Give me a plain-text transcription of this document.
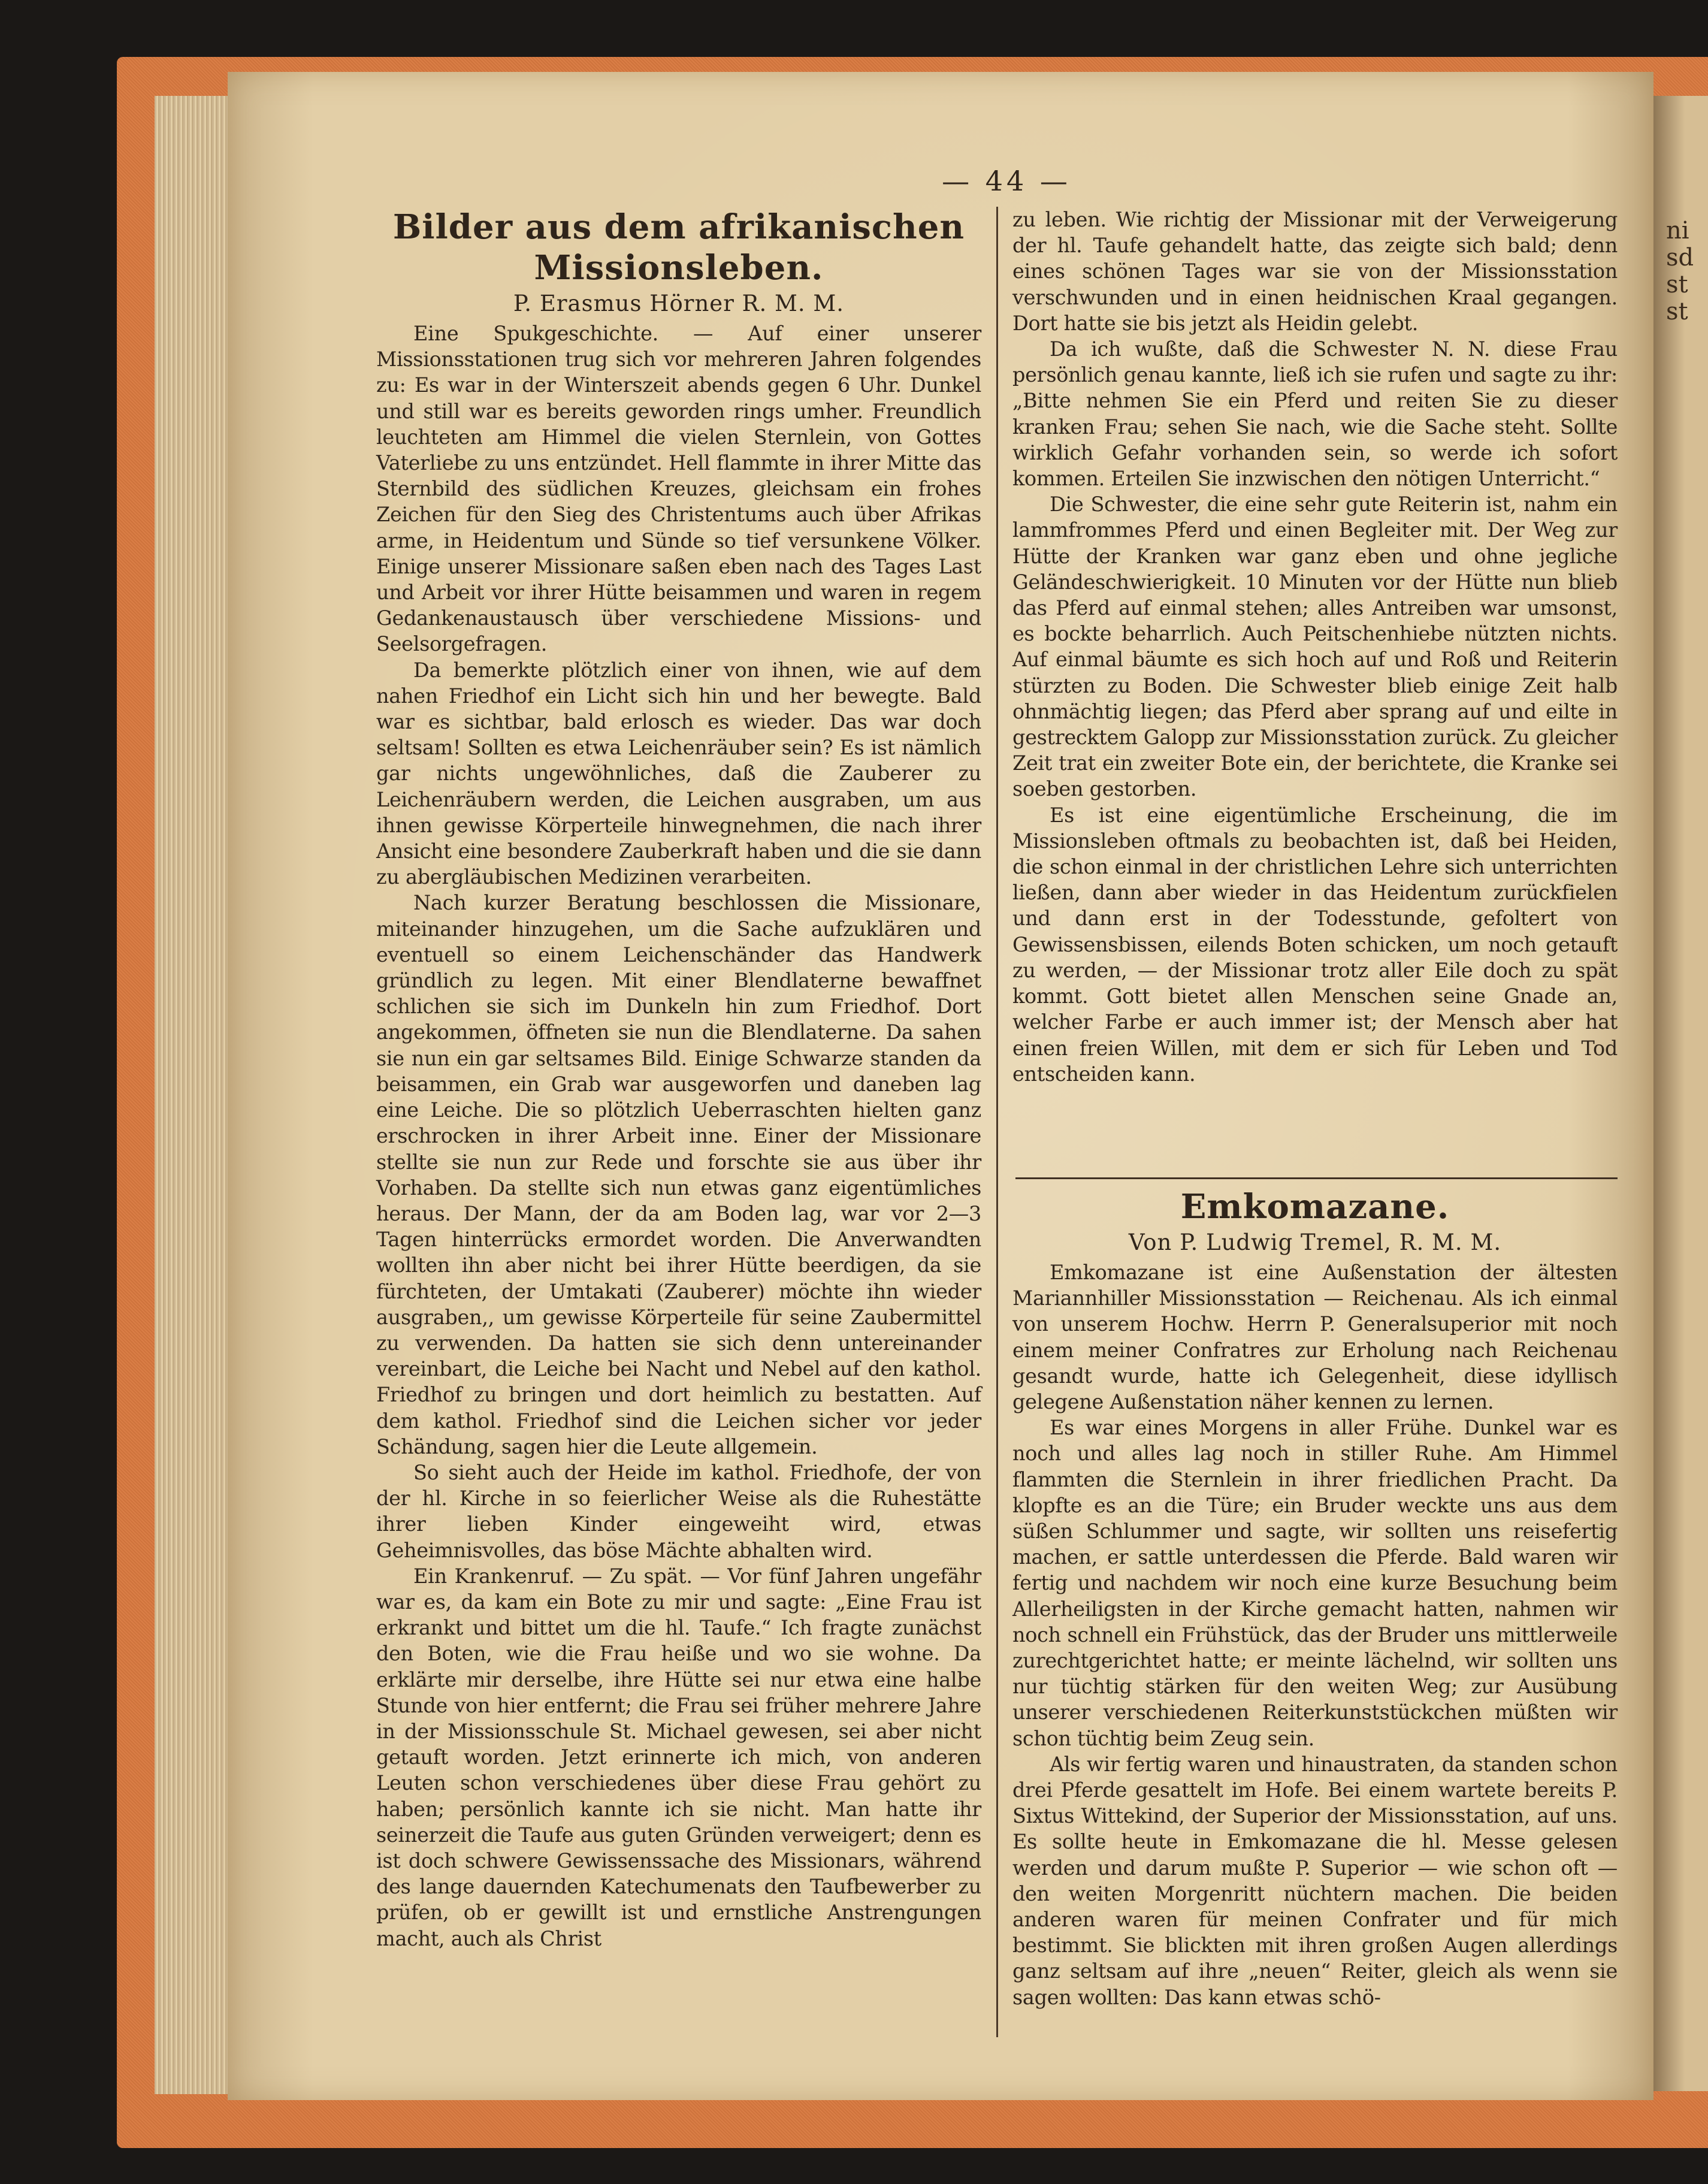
ni
sd
st
st
— 44 —
Bilder aus dem afrikanischen Missionsleben.

P. Erasmus Hörner R. M. M.

Eine Spukgeschichte. — Auf einer unserer Missionsstationen trug sich vor mehreren Jahren folgendes zu: Es war in der Winterszeit abends gegen 6 Uhr. Dunkel und still war es bereits geworden rings umher. Freundlich leuchteten am Himmel die vielen Sternlein, von Gottes Vaterliebe zu uns entzündet. Hell flammte in ihrer Mitte das Sternbild des südlichen Kreuzes, gleichsam ein frohes Zeichen für den Sieg des Christentums auch über Afrikas arme, in Heidentum und Sünde so tief versunkene Völker. Einige unserer Missionare saßen eben nach des Tages Last und Arbeit vor ihrer Hütte beisammen und waren in regem Gedankenaustausch über verschiedene Missions- und Seelsorgefragen.

Da bemerkte plötzlich einer von ihnen, wie auf dem nahen Friedhof ein Licht sich hin und her bewegte. Bald war es sichtbar, bald erlosch es wieder. Das war doch seltsam! Sollten es etwa Leichenräuber sein? Es ist nämlich gar nichts ungewöhnliches, daß die Zauberer zu Leichenräubern werden, die Leichen ausgraben, um aus ihnen gewisse Körperteile hinwegnehmen, die nach ihrer Ansicht eine besondere Zauberkraft haben und die sie dann zu abergläubischen Medizinen verarbeiten.

Nach kurzer Beratung beschlossen die Missionare, miteinander hinzugehen, um die Sache aufzuklären und eventuell so einem Leichenschänder das Handwerk gründlich zu legen. Mit einer Blendlaterne bewaffnet schlichen sie sich im Dunkeln hin zum Friedhof. Dort angekommen, öffneten sie nun die Blendlaterne. Da sahen sie nun ein gar seltsames Bild. Einige Schwarze standen da beisammen, ein Grab war ausgeworfen und daneben lag eine Leiche. Die so plötzlich Ueberraschten hielten ganz erschrocken in ihrer Arbeit inne. Einer der Missionare stellte sie nun zur Rede und forschte sie aus über ihr Vorhaben. Da stellte sich nun etwas ganz eigentümliches heraus. Der Mann, der da am Boden lag, war vor 2—3 Tagen hinterrücks ermordet worden. Die Anverwandten wollten ihn aber nicht bei ihrer Hütte beerdigen, da sie fürchteten, der Umtakati (Zauberer) möchte ihn wieder ausgraben,, um gewisse Körperteile für seine Zaubermittel zu verwenden. Da hatten sie sich denn untereinander vereinbart, die Leiche bei Nacht und Nebel auf den kathol. Friedhof zu bringen und dort heimlich zu bestatten. Auf dem kathol. Friedhof sind die Leichen sicher vor jeder Schändung, sagen hier die Leute allgemein.

So sieht auch der Heide im kathol. Friedhofe, der von der hl. Kirche in so feierlicher Weise als die Ruhestätte ihrer lieben Kinder eingeweiht wird, etwas Geheimnisvolles, das böse Mächte abhalten wird.

Ein Krankenruf. — Zu spät. — Vor fünf Jahren ungefähr war es, da kam ein Bote zu mir und sagte: „Eine Frau ist erkrankt und bittet um die hl. Taufe.“ Ich fragte zunächst den Boten, wie die Frau heiße und wo sie wohne. Da erklärte mir derselbe, ihre Hütte sei nur etwa eine halbe Stunde von hier entfernt; die Frau sei früher mehrere Jahre in der Missionsschule St. Michael gewesen, sei aber nicht getauft worden. Jetzt erinnerte ich mich, von anderen Leuten schon verschiedenes über diese Frau gehört zu haben; persönlich kannte ich sie nicht. Man hatte ihr seinerzeit die Taufe aus guten Gründen verweigert; denn es ist doch schwere Gewissenssache des Missionars, während des lange dauernden Katechumenats den Taufbewerber zu prüfen, ob er gewillt ist und ernstliche Anstrengungen macht, auch als Christ

zu leben. Wie richtig der Missionar mit der Verweigerung der hl. Taufe gehandelt hatte, das zeigte sich bald; denn eines schönen Tages war sie von der Missionsstation verschwunden und in einen heidnischen Kraal gegangen. Dort hatte sie bis jetzt als Heidin gelebt.

Da ich wußte, daß die Schwester N. N. diese Frau persönlich genau kannte, ließ ich sie rufen und sagte zu ihr: „Bitte nehmen Sie ein Pferd und reiten Sie zu dieser kranken Frau; sehen Sie nach, wie die Sache steht. Sollte wirklich Gefahr vorhanden sein, so werde ich sofort kommen. Erteilen Sie inzwischen den nötigen Unterricht.“

Die Schwester, die eine sehr gute Reiterin ist, nahm ein lammfrommes Pferd und einen Begleiter mit. Der Weg zur Hütte der Kranken war ganz eben und ohne jegliche Geländeschwierigkeit. 10 Minuten vor der Hütte nun blieb das Pferd auf einmal stehen; alles Antreiben war umsonst, es bockte beharrlich. Auch Peitschenhiebe nützten nichts. Auf einmal bäumte es sich hoch auf und Roß und Reiterin stürzten zu Boden. Die Schwester blieb einige Zeit halb ohnmächtig liegen; das Pferd aber sprang auf und eilte in gestrecktem Galopp zur Missionsstation zurück. Zu gleicher Zeit trat ein zweiter Bote ein, der berichtete, die Kranke sei soeben gestorben.

Es ist eine eigentümliche Erscheinung, die im Missionsleben oftmals zu beobachten ist, daß bei Heiden, die schon einmal in der christlichen Lehre sich unterrichten ließen, dann aber wieder in das Heidentum zurückfielen und dann erst in der Todesstunde, gefoltert von Gewissensbissen, eilends Boten schicken, um noch getauft zu werden, — der Missionar trotz aller Eile doch zu spät kommt. Gott bietet allen Menschen seine Gnade an, welcher Farbe er auch immer ist; der Mensch aber hat einen freien Willen, mit dem er sich für Leben und Tod entscheiden kann.

Emkomazane.

Von P. Ludwig Tremel, R. M. M.

Emkomazane ist eine Außenstation der ältesten Mariannhiller Missionsstation — Reichenau. Als ich einmal von unserem Hochw. Herrn P. Generalsuperior mit noch einem meiner Confratres zur Erholung nach Reichenau gesandt wurde, hatte ich Gelegenheit, diese idyllisch gelegene Außenstation näher kennen zu lernen.

Es war eines Morgens in aller Frühe. Dunkel war es noch und alles lag noch in stiller Ruhe. Am Himmel flammten die Sternlein in ihrer friedlichen Pracht. Da klopfte es an die Türe; ein Bruder weckte uns aus dem süßen Schlummer und sagte, wir sollten uns reisefertig machen, er sattle unterdessen die Pferde. Bald waren wir fertig und nachdem wir noch eine kurze Besuchung beim Allerheiligsten in der Kirche gemacht hatten, nahmen wir noch schnell ein Frühstück, das der Bruder uns mittlerweile zurechtgerichtet hatte; er meinte lächelnd, wir sollten uns nur tüchtig stärken für den weiten Weg; zur Ausübung unserer verschiedenen Reiterkunststückchen müßten wir schon tüchtig beim Zeug sein.

Als wir fertig waren und hinaustraten, da standen schon drei Pferde gesattelt im Hofe. Bei einem wartete bereits P. Sixtus Wittekind, der Superior der Missionsstation, auf uns. Es sollte heute in Emkomazane die hl. Messe gelesen werden und darum mußte P. Superior — wie schon oft — den weiten Morgenritt nüchtern machen. Die beiden anderen waren für meinen Confrater und für mich bestimmt. Sie blickten mit ihren großen Augen allerdings ganz seltsam auf ihre „neuen“ Reiter, gleich als wenn sie sagen wollten: Das kann etwas schö-
